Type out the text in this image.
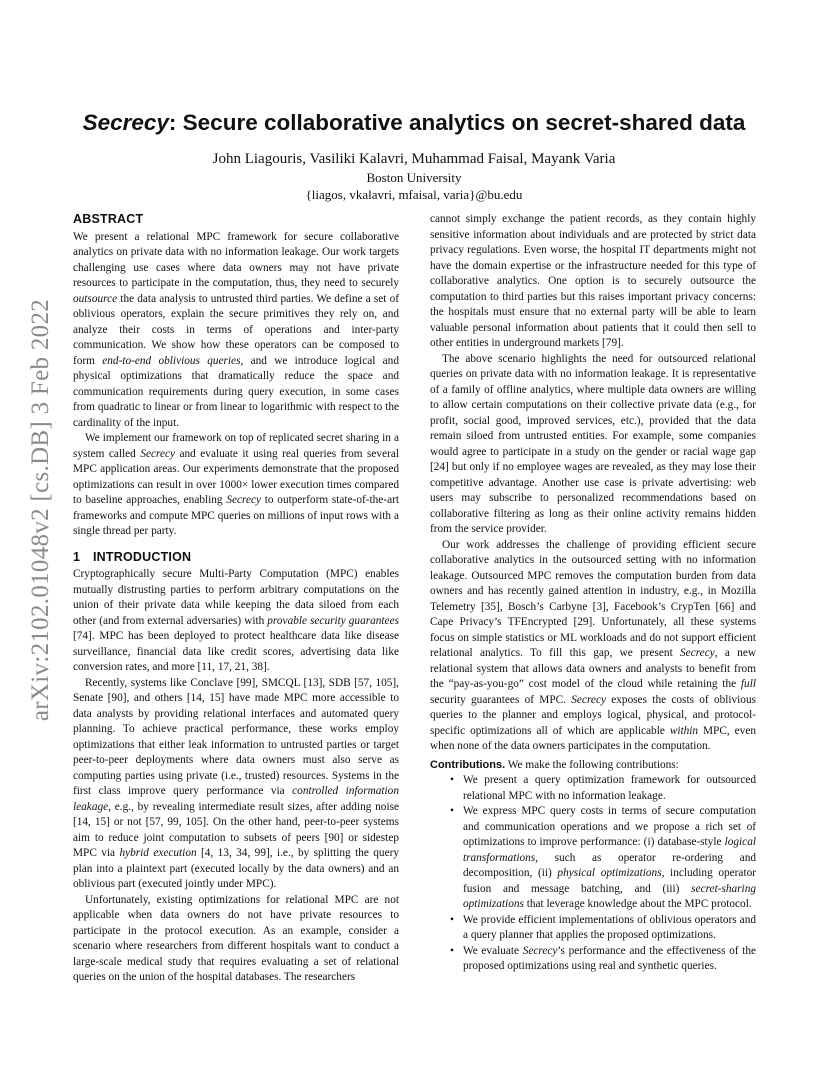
arXiv:2102.01048v2 [cs.DB] 3 Feb 2022
Secrecy: Secure collaborative analytics on secret-shared data
John Liagouris, Vasiliki Kalavri, Muhammad Faisal, Mayank Varia
Boston University
{liagos, vkalavri, mfaisal, varia}@bu.edu
ABSTRACT

We present a relational MPC framework for secure collaborative analytics on private data with no information leakage. Our work targets challenging use cases where data owners may not have private resources to participate in the computation, thus, they need to securely outsource the data analysis to untrusted third parties. We define a set of oblivious operators, explain the secure primitives they rely on, and analyze their costs in terms of operations and inter-party communication. We show how these operators can be composed to form end-to-end oblivious queries, and we introduce logical and physical optimizations that dramatically reduce the space and communication requirements during query execution, in some cases from quadratic to linear or from linear to logarithmic with respect to the cardinality of the input.

We implement our framework on top of replicated secret sharing in a system called Secrecy and evaluate it using real queries from several MPC application areas. Our experiments demonstrate that the proposed optimizations can result in over 1000× lower execution times compared to baseline approaches, enabling Secrecy to outperform state-of-the-art frameworks and compute MPC queries on millions of input rows with a single thread per party.

1 INTRODUCTION

Cryptographically secure Multi-Party Computation (MPC) enables mutually distrusting parties to perform arbitrary computations on the union of their private data while keeping the data siloed from each other (and from external adversaries) with provable security guarantees [74]. MPC has been deployed to protect healthcare data like disease surveillance, financial data like credit scores, advertising data like conversion rates, and more [11, 17, 21, 38].

Recently, systems like Conclave [99], SMCQL [13], SDB [57, 105], Senate [90], and others [14, 15] have made MPC more accessible to data analysts by providing relational interfaces and automated query planning. To achieve practical performance, these works employ optimizations that either leak information to untrusted parties or target peer-to-peer deployments where data owners must also serve as computing parties using private (i.e., trusted) resources. Systems in the first class improve query performance via controlled information leakage, e.g., by revealing intermediate result sizes, after adding noise [14, 15] or not [57, 99, 105]. On the other hand, peer-to-peer systems aim to reduce joint computation to subsets of peers [90] or sidestep MPC via hybrid execution [4, 13, 34, 99], i.e., by splitting the query plan into a plaintext part (executed locally by the data owners) and an oblivious part (executed jointly under MPC).

Unfortunately, existing optimizations for relational MPC are not applicable when data owners do not have private resources to participate in the protocol execution. As an example, consider a scenario where researchers from different hospitals want to conduct a large-scale medical study that requires evaluating a set of relational queries on the union of the hospital databases. The researchers

cannot simply exchange the patient records, as they contain highly sensitive information about individuals and are protected by strict data privacy regulations. Even worse, the hospital IT departments might not have the domain expertise or the infrastructure needed for this type of collaborative analytics. One option is to securely outsource the computation to third parties but this raises important privacy concerns: the hospitals must ensure that no external party will be able to learn valuable personal information about patients that it could then sell to other entities in underground markets [79].

The above scenario highlights the need for outsourced relational queries on private data with no information leakage. It is representative of a family of offline analytics, where multiple data owners are willing to allow certain computations on their collective private data (e.g., for profit, social good, improved services, etc.), provided that the data remain siloed from untrusted entities. For example, some companies would agree to participate in a study on the gender or racial wage gap [24] but only if no employee wages are revealed, as they may lose their competitive advantage. Another use case is private advertising: web users may subscribe to personalized recommendations based on collaborative filtering as long as their online activity remains hidden from the service provider.

Our work addresses the challenge of providing efficient secure collaborative analytics in the outsourced setting with no information leakage. Outsourced MPC removes the computation burden from data owners and has recently gained attention in industry, e.g., in Mozilla Telemetry [35], Bosch’s Carbyne [3], Facebook’s CrypTen [66] and Cape Privacy’s TFEncrypted [29]. Unfortunately, all these systems focus on simple statistics or ML workloads and do not support efficient relational analytics. To fill this gap, we present Secrecy, a new relational system that allows data owners and analysts to benefit from the “pay-as-you-go” cost model of the cloud while retaining the full security guarantees of MPC. Secrecy exposes the costs of oblivious queries to the planner and employs logical, physical, and protocol-specific optimizations all of which are applicable within MPC, even when none of the data owners participates in the computation.

Contributions. We make the following contributions:

• We present a query optimization framework for outsourced relational MPC with no information leakage.
• We express MPC query costs in terms of secure computation and communication operations and we propose a rich set of optimizations to improve performance: (i) database-style logical transformations, such as operator re-ordering and decomposition, (ii) physical optimizations, including operator fusion and message batching, and (iii) secret-sharing optimizations that leverage knowledge about the MPC protocol.
• We provide efficient implementations of oblivious operators and a query planner that applies the proposed optimizations.
• We evaluate Secrecy’s performance and the effectiveness of the proposed optimizations using real and synthetic queries.
